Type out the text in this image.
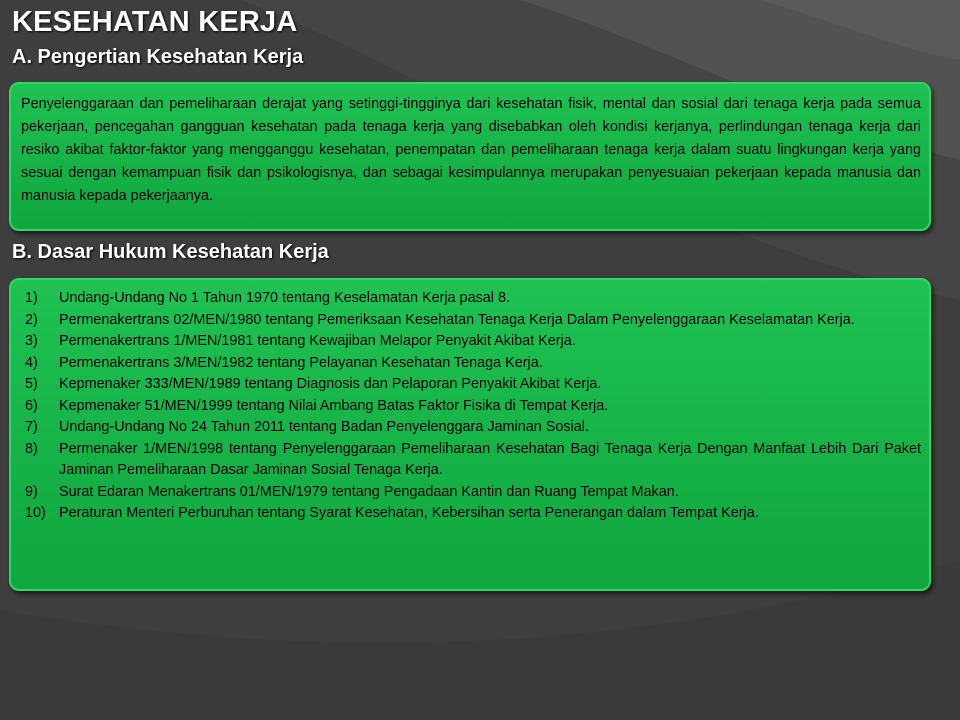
KESEHATAN KERJA
A. Pengertian Kesehatan Kerja

Penyelenggaraan dan pemeliharaan derajat yang setinggi-tingginya dari kesehatan fisik, mental dan sosial dari tenaga kerja pada semua pekerjaan, pencegahan gangguan kesehatan pada tenaga kerja yang disebabkan oleh kondisi kerjanya, perlindungan tenaga kerja dari resiko akibat faktor-faktor yang mengganggu kesehatan, penempatan dan pemeliharaan tenaga kerja dalam suatu lingkungan kerja yang sesuai dengan kemampuan fisik dan psikologisnya, dan sebagai kesimpulannya merupakan penyesuaian pekerjaan kepada manusia dan manusia kepada pekerjaanya.

B. Dasar Hukum Kesehatan Kerja
1)	Undang-Undang No 1 Tahun 1970 tentang Keselamatan Kerja pasal 8.
2)	Permenakertrans 02/MEN/1980 tentang Pemeriksaan Kesehatan Tenaga Kerja Dalam Penyelenggaraan Keselamatan Kerja.
3)	Permenakertrans 1/MEN/1981 tentang Kewajiban Melapor Penyakit Akibat Kerja.
4)	Permenakertrans 3/MEN/1982 tentang Pelayanan Kesehatan Tenaga Kerja.
5)	Kepmenaker 333/MEN/1989 tentang Diagnosis dan Pelaporan Penyakit Akibat Kerja.
6)	Kepmenaker 51/MEN/1999 tentang Nilai Ambang Batas Faktor Fisika di Tempat Kerja.
7)	Undang-Undang No 24 Tahun 2011 tentang Badan Penyelenggara Jaminan Sosial.
8)	Permenaker 1/MEN/1998 tentang Penyelenggaraan Pemeliharaan Kesehatan Bagi Tenaga Kerja Dengan Manfaat Lebih Dari Paket Jaminan Pemeliharaan Dasar Jaminan Sosial Tenaga Kerja.
9)	Surat Edaran Menakertrans 01/MEN/1979 tentang Pengadaan Kantin dan Ruang Tempat Makan.
10) Peraturan Menteri Perburuhan tentang Syarat Kesehatan, Kebersihan serta Penerangan dalam Tempat Kerja.
